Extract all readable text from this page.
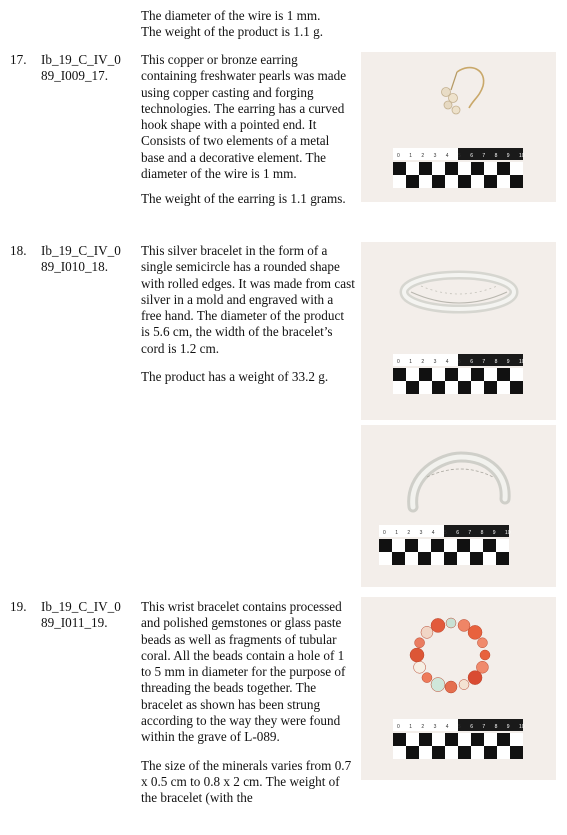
The diameter of the wire is 1 mm.
The weight of the product is 1.1 g.
17. Ib_19_C_IV_0
89_I009_17.

This copper or bronze earring containing freshwater pearls was made using copper casting and forging technologies. The earring has a curved hook shape with a pointed end. It Consists of two elements of a metal base and a decorative element. The diameter of the wire is 1 mm.

The weight of the earring is 1.1 grams.

0 1 2 3 4 5 6 7 8 9 10
18. Ib_19_C_IV_0
89_I010_18.

This silver bracelet in the form of a single semicircle has a rounded shape with rolled edges. It was made from cast silver in a mold and engraved with a free hand. The diameter of the product is 5.6 cm, the width of the bracelet’s cord is 1.2 cm.

The product has a weight of 33.2 g.

0 1 2 3 4 5 6 7 8 9 10
0 1 2 3 4 5 6 7 8 9 10
19. Ib_19_C_IV_0
89_I011_19.

This wrist bracelet contains processed and polished gemstones or glass paste beads as well as fragments of tubular coral. All the beads contain a hole of 1 to 5 mm in diameter for the purpose of threading the beads together. The bracelet as shown has been strung according to the way they were found within the grave of L-089.

The size of the minerals varies from 0.7 x 0.5 cm to 0.8 x 2 cm. The weight of the bracelet (with the

0 1 2 3 4 5 6 7 8 9 10
